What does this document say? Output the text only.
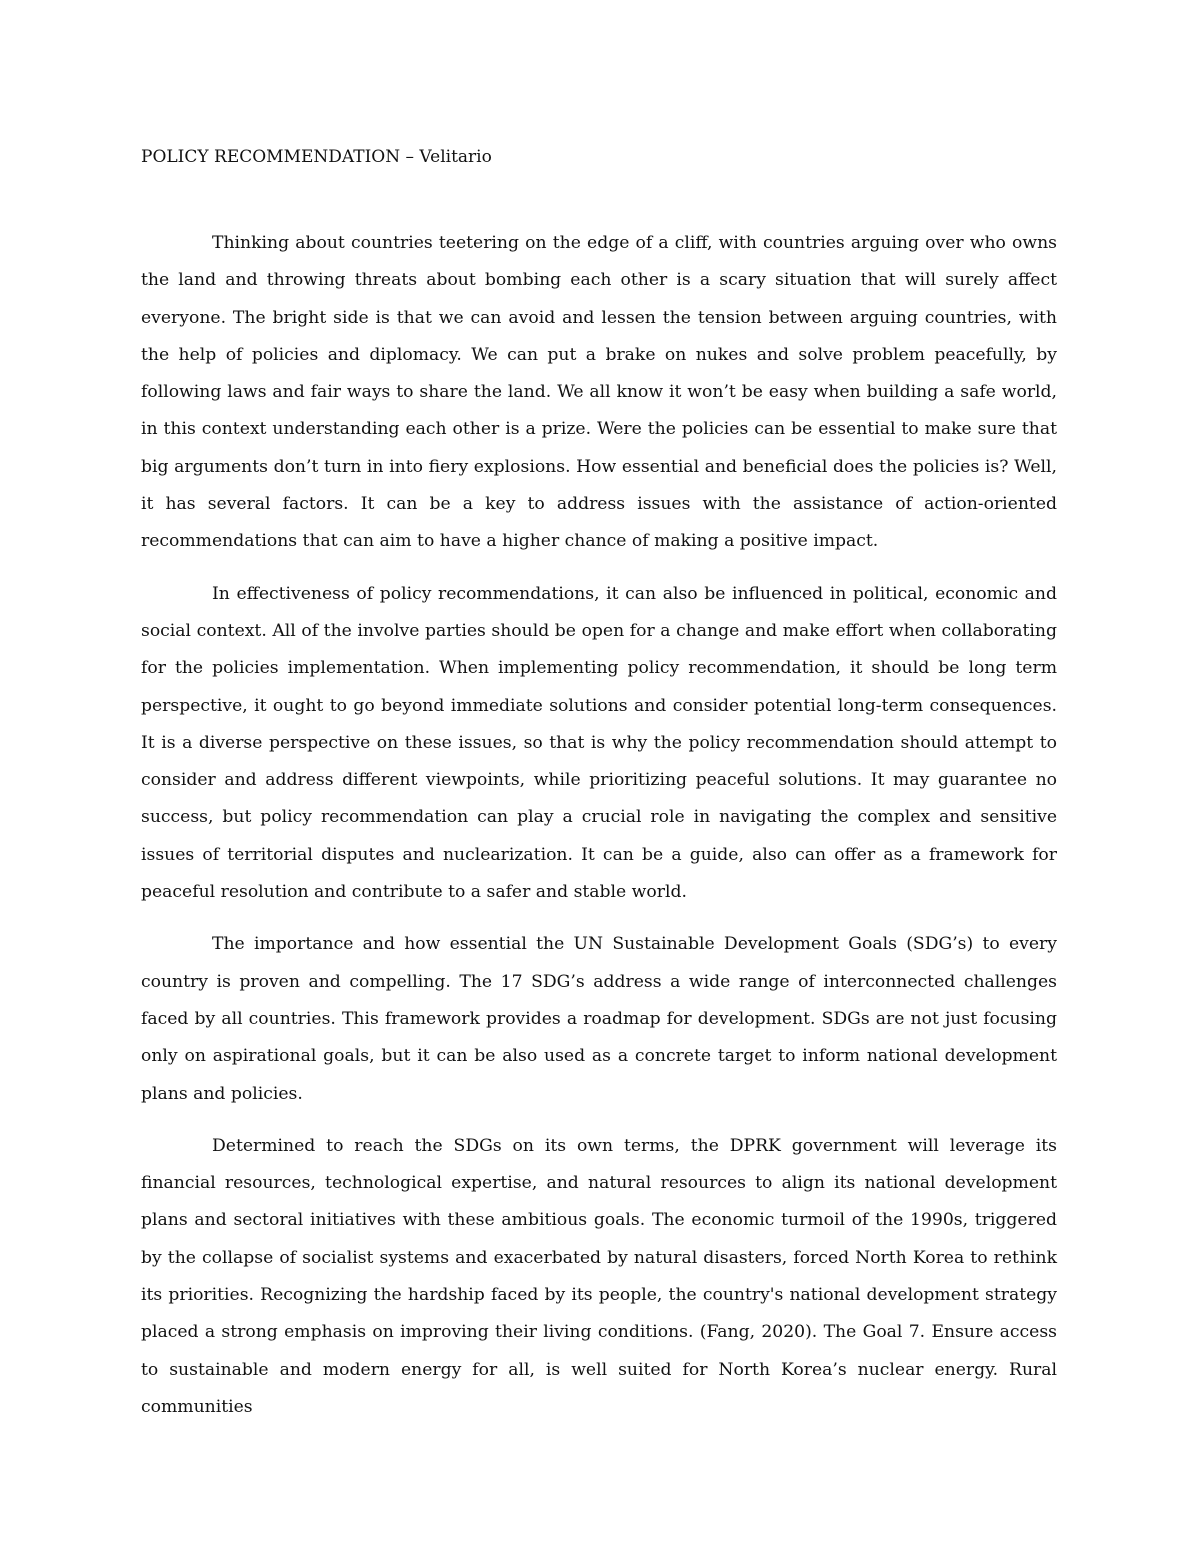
POLICY RECOMMENDATION – Velitario

Thinking about countries teetering on the edge of a cliff, with countries arguing over who owns the land and throwing threats about bombing each other is a scary situation that will surely affect everyone. The bright side is that we can avoid and lessen the tension between arguing countries, with the help of policies and diplomacy. We can put a brake on nukes and solve problem peacefully, by following laws and fair ways to share the land. We all know it won’t be easy when building a safe world, in this context understanding each other is a prize. Were the policies can be essential to make sure that big arguments don’t turn in into fiery explosions. How essential and beneficial does the policies is? Well, it has several factors. It can be a key to address issues with the assistance of action-oriented recommendations that can aim to have a higher chance of making a positive impact.

In effectiveness of policy recommendations, it can also be influenced in political, economic and social context. All of the involve parties should be open for a change and make effort when collaborating for the policies implementation. When implementing policy recommendation, it should be long term perspective, it ought to go beyond immediate solutions and consider potential long-term consequences. It is a diverse perspective on these issues, so that is why the policy recommendation should attempt to consider and address different viewpoints, while prioritizing peaceful solutions. It may guarantee no success, but policy recommendation can play a crucial role in navigating the complex and sensitive issues of territorial disputes and nuclearization. It can be a guide, also can offer as a framework for peaceful resolution and contribute to a safer and stable world.

The importance and how essential the UN Sustainable Development Goals (SDG’s) to every country is proven and compelling. The 17 SDG’s address a wide range of interconnected challenges faced by all countries. This framework provides a roadmap for development. SDGs are not just focusing only on aspirational goals, but it can be also used as a concrete target to inform national development plans and policies.

Determined to reach the SDGs on its own terms, the DPRK government will leverage its financial resources, technological expertise, and natural resources to align its national development plans and sectoral initiatives with these ambitious goals. The economic turmoil of the 1990s, triggered by the collapse of socialist systems and exacerbated by natural disasters, forced North Korea to rethink its priorities. Recognizing the hardship faced by its people, the country's national development strategy placed a strong emphasis on improving their living conditions. (Fang, 2020). The Goal 7. Ensure access to sustainable and modern energy for all, is well suited for North Korea’s nuclear energy. Rural communities
